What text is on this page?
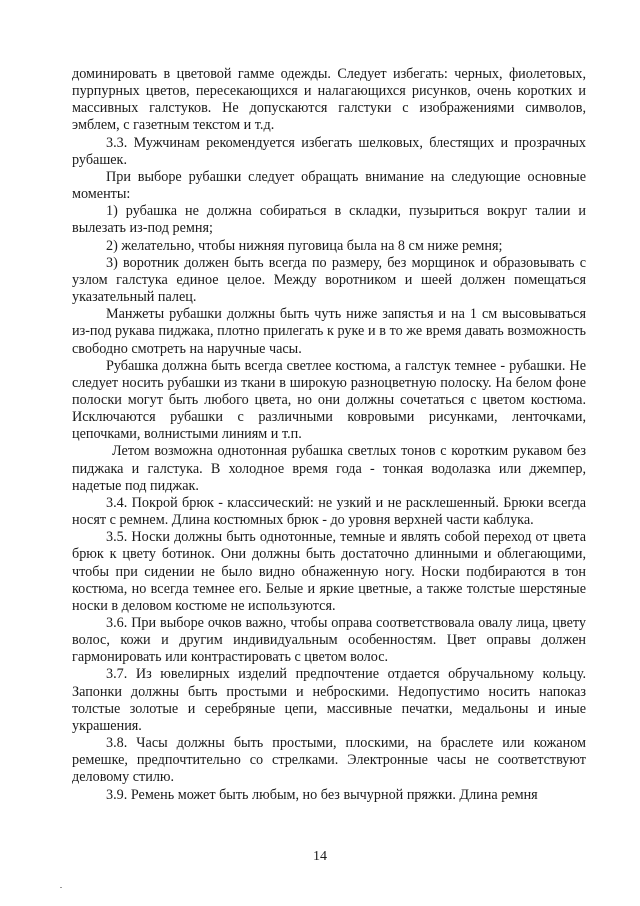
доминировать в цветовой гамме одежды. Следует избегать: черных, фиолетовых, пурпурных цветов, пересекающихся и налагающихся рисунков, очень коротких и массивных галстуков. Не допускаются галстуки с изображениями символов, эмблем, с газетным текстом и т.д.

3.3. Мужчинам рекомендуется избегать шелковых, блестящих и прозрачных рубашек.

При выборе рубашки следует обращать внимание на следующие основные моменты:

1) рубашка не должна собираться в складки, пузыриться вокруг талии и вылезать из-под ремня;

2) желательно, чтобы нижняя пуговица была на 8 см ниже ремня;

3) воротник должен быть всегда по размеру, без морщинок и образовывать с узлом галстука единое целое. Между воротником и шеей должен помещаться указательный палец.

Манжеты рубашки должны быть чуть ниже запястья и на 1 см высовываться из-под рукава пиджака, плотно прилегать к руке и в то же время давать возможность свободно смотреть на наручные часы.

Рубашка должна быть всегда светлее костюма, а галстук темнее - рубашки. Не следует носить рубашки из ткани в широкую разноцветную полоску. На белом фоне полоски могут быть любого цвета, но они должны сочетаться с цветом костюма. Исключаются рубашки с различными ковровыми рисунками, ленточками, цепочками, волнистыми линиям и т.п.

Летом возможна однотонная рубашка светлых тонов с коротким рукавом без пиджака и галстука. В холодное время года - тонкая водолазка или джемпер, надетые под пиджак.

3.4. Покрой брюк - классический: не узкий и не расклешенный. Брюки всегда носят с ремнем. Длина костюмных брюк - до уровня верхней части каблука.

3.5. Носки должны быть однотонные, темные и являть собой переход от цвета брюк к цвету ботинок. Они должны быть достаточно длинными и облегающими, чтобы при сидении не было видно обнаженную ногу. Носки подбираются в тон костюма, но всегда темнее его. Белые и яркие цветные, а также толстые шерстяные носки в деловом костюме не используются.

3.6. При выборе очков важно, чтобы оправа соответствовала овалу лица, цвету волос, кожи и другим индивидуальным особенностям. Цвет оправы должен гармонировать или контрастировать с цветом волос.

3.7. Из ювелирных изделий предпочтение отдается обручальному кольцу. Запонки должны быть простыми и неброскими. Недопустимо носить напоказ толстые золотые и серебряные цепи, массивные печатки, медальоны и иные украшения.

3.8. Часы должны быть простыми, плоскими, на браслете или кожаном ремешке, предпочтительно со стрелками. Электронные часы не соответствуют деловому стилю.

3.9. Ремень может быть любым, но без вычурной пряжки. Длина ремня

14
